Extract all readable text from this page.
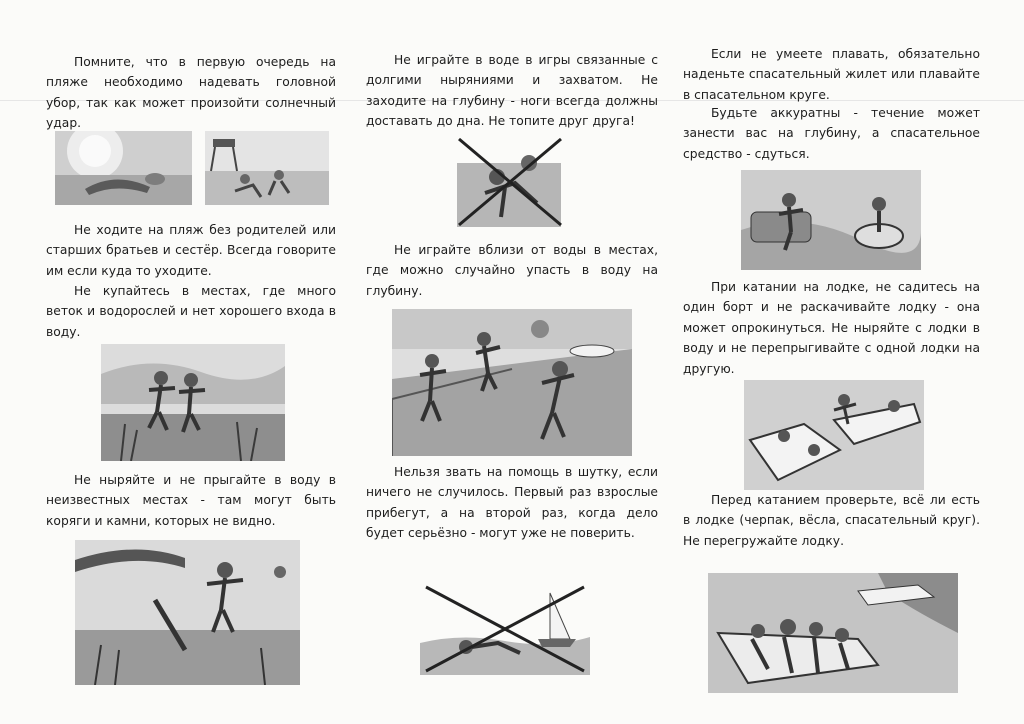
Помните, что в первую очередь на пляже необходимо надевать головной убор, так как может произойти солнечный удар.

Не ходите на пляж без родителей или старших братьев и сестёр. Всегда говорите им если куда то уходите.

Не купайтесь в местах, где много веток и водорослей и нет хорошего входа в воду.

Не ныряйте и не прыгайте в воду в неизвестных местах - там могут быть коряги и камни, которых не видно.

Не играйте в воде в игры связанные с долгими ныряниями и захватом. Не заходите на глубину - ноги всегда должны доставать до дна. Не топите друг друга!

Не играйте вблизи от воды в местах, где можно случайно упасть в воду на глубину.

Нельзя звать на помощь в шутку, если ничего не случилось. Первый раз взрослые прибегут, а на второй раз, когда дело будет серьёзно - могут уже не поверить.

Если не умеете плавать, обязательно наденьте спасательный жилет или плавайте в спасательном круге.

Будьте аккуратны - течение может занести вас на глубину, а спасательное средство - сдуться.

При катании на лодке, не садитесь на один борт и не раскачивайте лодку - она может опрокинуться. Не ныряйте с лодки в воду и не перепрыгивайте с одной лодки на другую.

Перед катанием проверьте, всё ли есть в лодке (черпак, вёсла, спасательный круг). Не перегружайте лодку.
